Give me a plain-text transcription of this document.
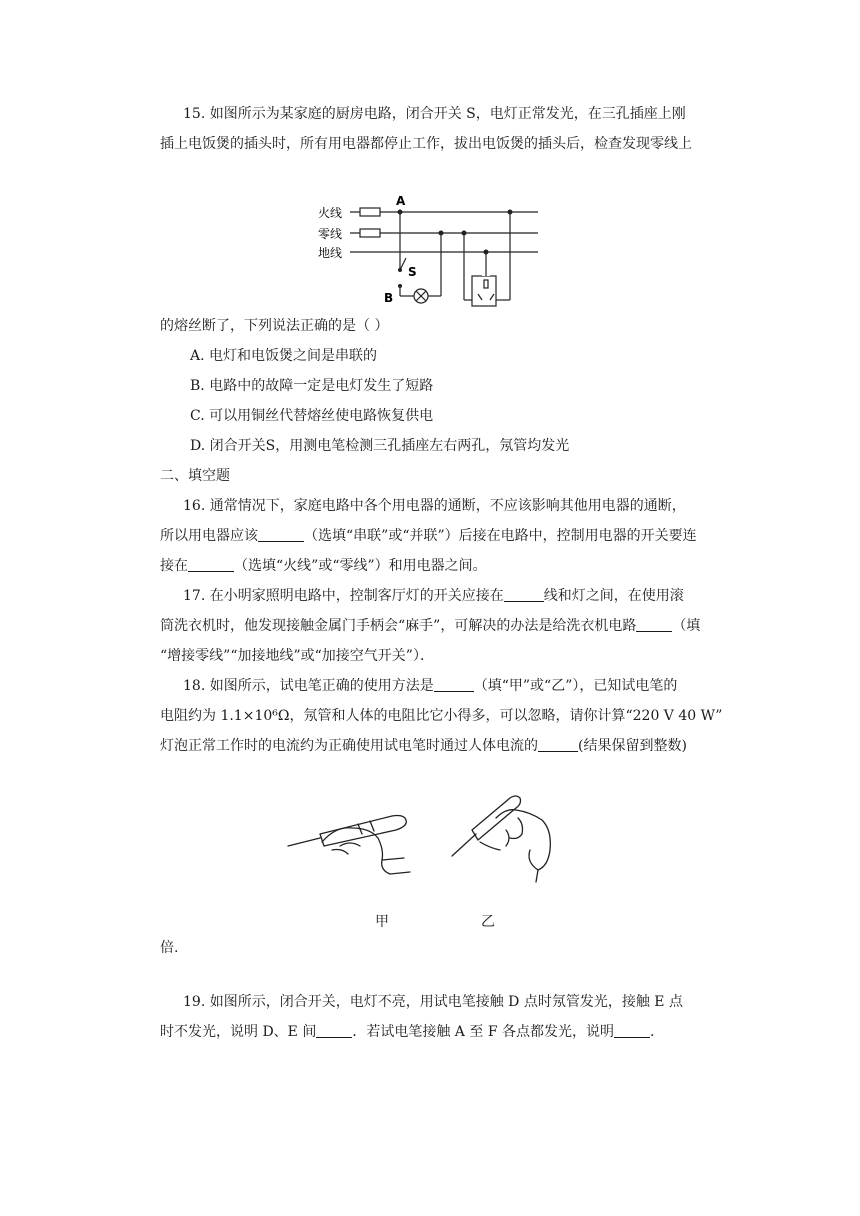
15. 如图所示为某家庭的厨房电路，闭合开关 S，电灯正常发光，在三孔插座上刚
插上电饭煲的插头时，所有用电器都停止工作，拔出电饭煲的插头后，检查发现零线上
火线
零线
地线
A
B
S
的熔丝断了，下列说法正确的是（ ）
A. 电灯和电饭煲之间是串联的
B. 电路中的故障一定是电灯发生了短路
C. 可以用铜丝代替熔丝使电路恢复供电
D. 闭合开关S，用测电笔检测三孔插座左右两孔，氖管均发光
二、填空题
16. 通常情况下，家庭电路中各个用电器的通断，不应该影响其他用电器的通断，
所以用电器应该	（选填“串联”或“并联”）后接在电路中，控制用电器的开关要连
接在	（选填“火线”或“零线”）和用电器之间。
17. 在小明家照明电路中，控制客厅灯的开关应接在	线和灯之间，在使用滚
筒洗衣机时，他发现接触金属门手柄会“麻手”，可解决的办法是给洗衣机电路	（填
“增接零线”“加接地线”或“加接空气开关”）．
18. 如图所示，试电笔正确的使用方法是	（填“甲”或“乙”），已知试电笔的
电阻约为 1.1×10⁶Ω，氖管和人体的电阻比它小得多，可以忽略，请你计算“220 V 40 W”
灯泡正常工作时的电流约为正确使用试电笔时通过人体电流的	(结果保留到整数)
甲	乙
倍.
19. 如图所示，闭合开关，电灯不亮，用试电笔接触 D 点时氖管发光，接触 E 点
时不发光，说明 D、E 间	．若试电笔接触 A 至 F 各点都发光，说明	.
